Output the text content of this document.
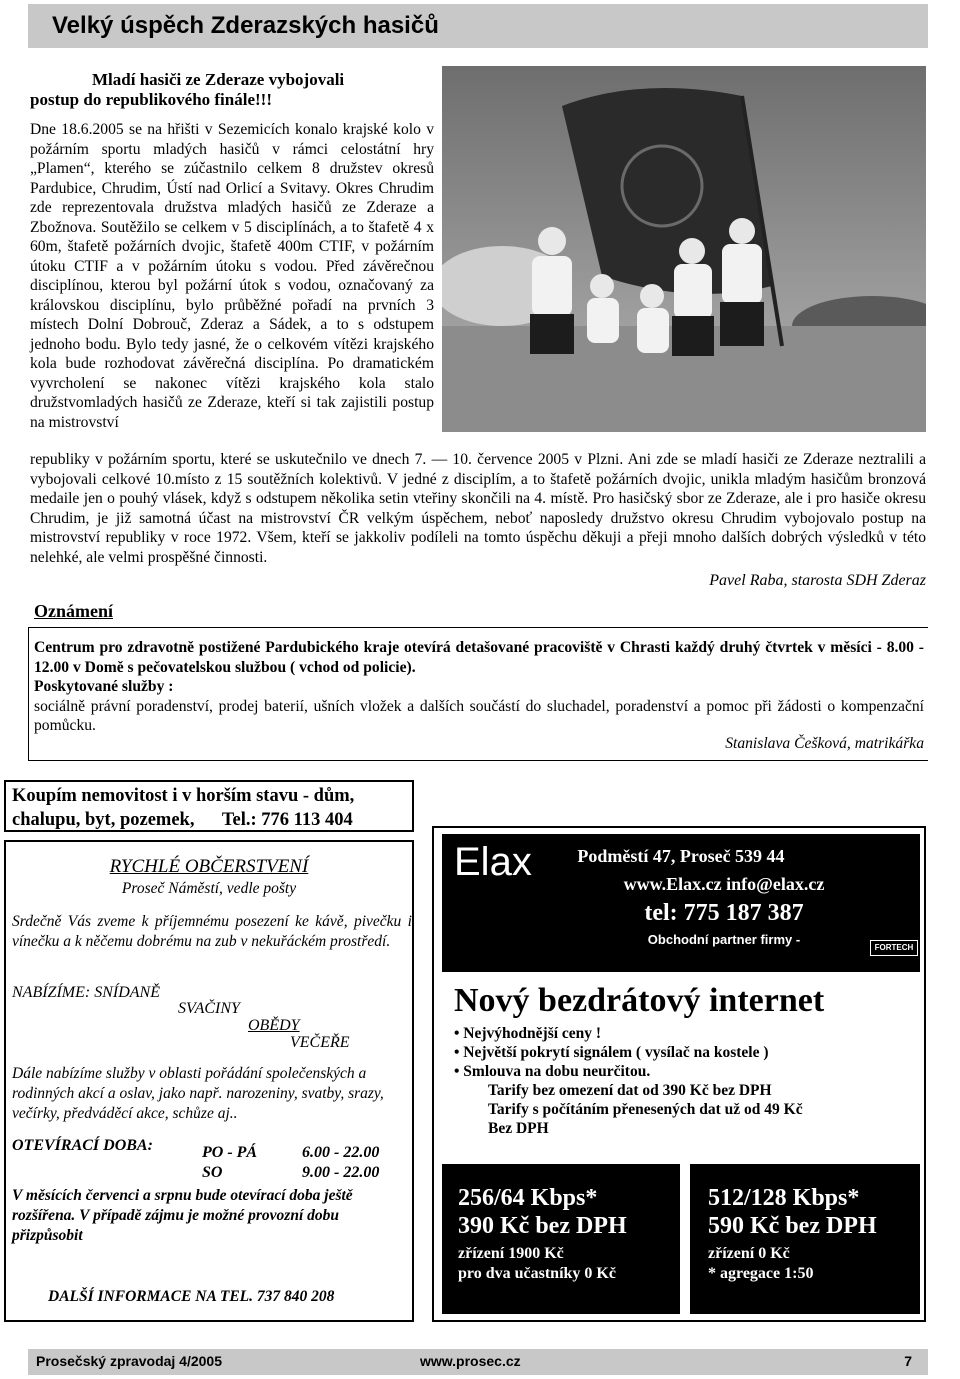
Velký úspěch Zderazských hasičů
Mladí hasiči ze Zderaze vybojovali
postup do republikového finále!!!
Dne 18.6.2005 se na hřišti v Sezemicích konalo krajské kolo v požárním sportu mladých hasičů v rámci celostátní hry „Plamen“, kterého se zúčastnilo celkem 8 družstev okresů Pardubice, Chrudim, Ústí nad Orlicí a Svitavy. Okres Chrudim zde reprezentovala družstva mladých hasičů ze Zderaze a Zbožnova. Soutěžilo se celkem v 5 disciplínách, a to štafetě 4 x 60m, štafetě požárních dvojic, štafetě 400m CTIF, v požárním útoku CTIF a v požárním útoku s vodou. Před závěrečnou disciplínou, kterou byl požární útok s vodou, označovaný za královskou disciplínu, bylo průběžné pořadí na prvních 3 místech Dolní Dobrouč, Zderaz a Sádek, a to s odstupem jednoho bodu. Bylo tedy jasné, že o celkovém vítězi krajského kola bude rozhodovat závěrečná disciplína. Po dramatickém vyvrcholení se nakonec vítězi krajského kola stalo družstvomladých hasičů ze Zderaze, kteří si tak zajistili postup na mistrovství
republiky v požárním sportu, které se uskutečnilo ve dnech 7. — 10. července 2005 v Plzni. Ani zde se mladí hasiči ze Zderaze neztralili a vybojovali celkové 10.místo z 15 soutěžních kolektivů. V jedné z disciplím, a to štafetě požárních dvojic, unikla mladým hasičům bronzová medaile jen o pouhý vlásek, když s odstupem několika setin vteřiny skončili na 4. místě. Pro hasičský sbor ze Zderaze, ale i pro hasiče okresu Chrudim, je již samotná účast na mistrovství ČR velkým úspěchem, neboť naposledy družstvo okresu Chrudim vybojovalo postup na mistrovství republiky v roce 1972. Všem, kteří se jakkoliv podíleli na tomto úspěchu děkuji a přeji mnoho dalších dobrých výsledků v této nelehké, ale velmi prospěšné činnosti.
Pavel Raba, starosta SDH Zderaz
Oznámení
Centrum pro zdravotně postižené Pardubického kraje otevírá detašované pracoviště v Chrasti každý druhý čtvrtek v měsíci - 8.00 - 12.00 v Domě s pečovatelskou službou ( vchod od policie).
Poskytované služby :
sociálně právní poradenství, prodej baterií, ušních vložek a dalších součástí do sluchadel, poradenství a pomoc při žádosti o kompenzační pomůcku.
Stanislava Češková, matrikářka
Koupím nemovitost i v horším stavu - dům,
chalupu, byt, pozemek,      Tel.: 776 113 404
RYCHLÉ OBČERSTVENÍ
Proseč Náměstí, vedle pošty
Srdečně Vás zveme k příjemnému posezení ke kávě, pivečku i vínečku a k něčemu dobrému na zub v nekuřáckém prostředí.
NABÍZÍME: SNÍDANĚ
SVAČINY
OBĚDY
VEČEŘE
Dále nabízíme služby v oblasti pořádání společenských a rodinných akcí a oslav, jako např. narozeniny, svatby, srazy, večírky, předváděcí akce, schůze aj..
OTEVÍRACÍ DOBA:	PO - PÁ	6.00 - 22.00
SO	9.00 - 22.00
V měsících červenci a srpnu bude otevírací doba ještě rozšířena. V případě zájmu je možné provozní dobu přizpůsobit
DALŠÍ INFORMACE NA TEL. 737 840 208
Podměstí 47, Proseč 539 44
www.Elax.cz info@elax.cz
tel: 775 187 387
Obchodní partner firmy -
Elax
FORTECH
Nový bezdrátový internet
• Nejvýhodnější ceny !
• Největší pokrytí signálem ( vysílač na kostele )
• Smlouva na dobu neurčitou.
Tarify bez omezení dat od 390 Kč bez DPH
Tarify s počítáním přenesených dat už od 49 Kč
Bez DPH
256/64 Kbps*
390 Kč bez DPH
zřízení 1900 Kč
pro dva učastníky 0 Kč
512/128 Kbps*
590 Kč bez DPH
zřízení 0 Kč
* agregace 1:50
Prosečský zpravodaj 4/2005	www.prosec.cz	7
